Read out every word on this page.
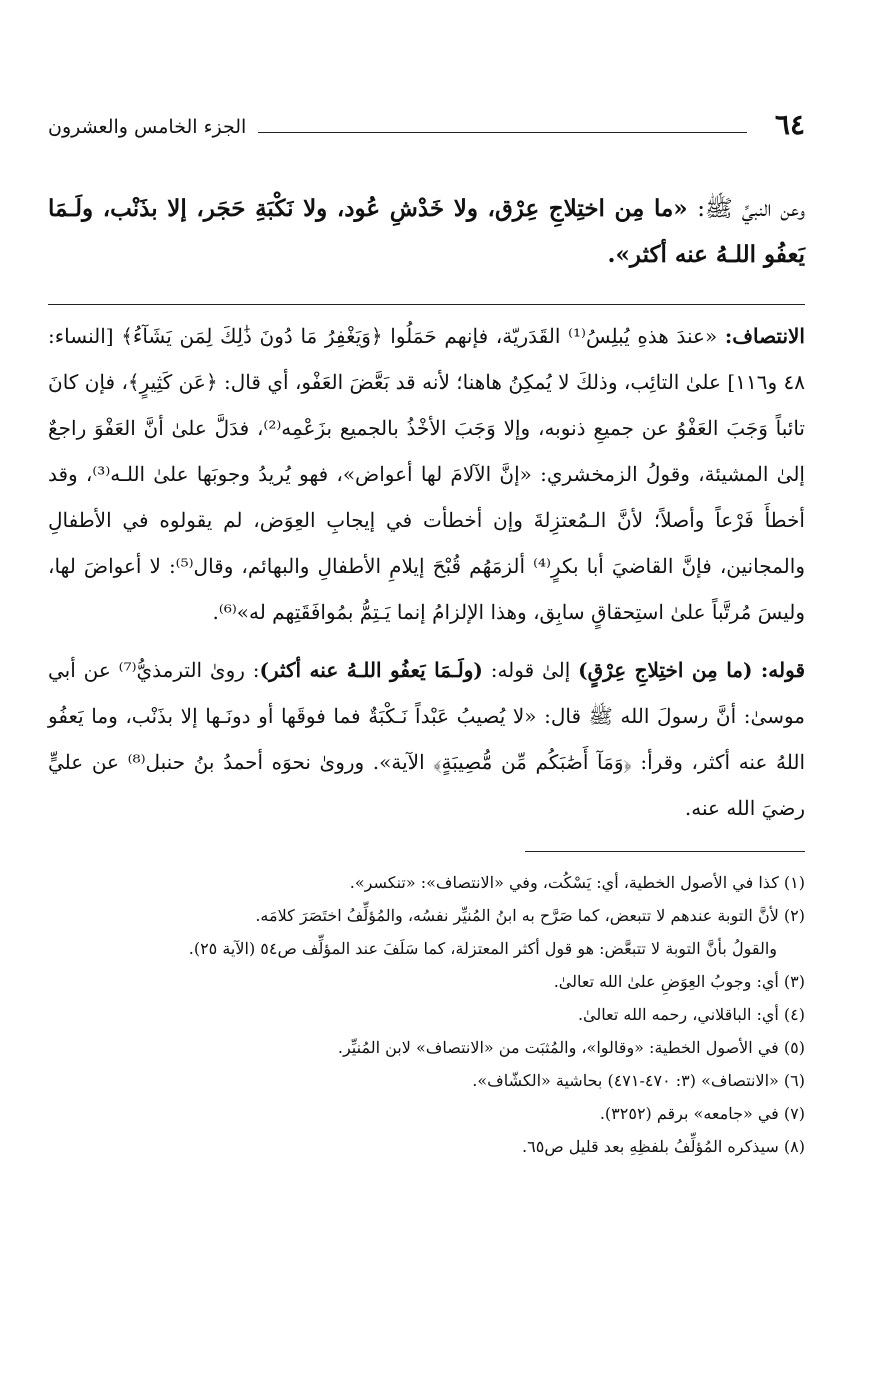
٦٤
الجزء الخامس والعشرون
وعن النبيِّ ﷺ: «ما مِن اختِلاجِ عِرْق، ولا خَدْشِ عُود، ولا نَكْبَةِ حَجَر، إلا بذَنْب، ولَـمَا يَعفُو اللـهُ عنه أكثر».

الانتصاف: «عندَ هذهِ يُبلِسُ⁽¹⁾ القَدَريّة، فإنهم حَمَلُوا ﴿وَيَغْفِرُ مَا دُونَ ذَٰلِكَ لِمَن يَشَآءُ﴾ [النساء: ٤٨ و١١٦] علىٰ التائِب، وذلكَ لا يُمكِنُ هاهنا؛ لأنه قد بَعَّضَ العَفْو، أي قال: ﴿عَن كَثِيرٍ﴾، فإن كانَ تائباً وَجَبَ العَفْوُ عن جميعِ ذنوبه، وإلا وَجَبَ الأخْذُ بالجميع بزَعْمِه⁽²⁾، فدَلَّ علىٰ أنَّ العَفْوَ راجعٌ إلىٰ المشيئة، وقولُ الزمخشري: «إنَّ الآلامَ لها أعواض»، فهو يُريدُ وجوبَها علىٰ اللـه⁽³⁾، وقد أخطأَ فَرْعاً وأصلاً؛ لأنَّ الـمُعتزِلةَ وإن أخطأت في إيجابِ العِوَض، لم يقولوه في الأطفالِ والمجانين، فإنَّ القاضيَ أبا بكرٍ⁽⁴⁾ ألزمَهُم قُبْحَ إيلامِ الأطفالِ والبهائم، وقال⁽⁵⁾: لا أعواضَ لها، وليسَ مُرتَّباً علىٰ استِحقاقٍ سابِق، وهذا الإلزامُ إنما يَـتِمُّ بمُوافَقَتِهم له»⁽⁶⁾.

قوله: (ما مِن اختِلاجِ عِرْقٍ) إلىٰ قوله: (ولَـمَا يَعفُو اللـهُ عنه أكثر): روىٰ الترمذيُّ⁽⁷⁾ عن أبي موسىٰ: أنَّ رسولَ الله ﷺ قال: «لا يُصيبُ عَبْداً نَـكْبَةٌ فما فوقَها أو دونَـها إلا بذَنْب، وما يَعفُو اللهُ عنه أكثر، وقرأ: ﴿وَمَآ أَصَٰبَكُم مِّن مُّصِيبَةٍ﴾ الآية». وروىٰ نحوَه أحمدُ بنُ حنبل⁽⁸⁾ عن عليٍّ رضيَ الله عنه.

(١) كذا في الأصول الخطية، أي: يَسْكُت، وفي «الانتصاف»: «تنكسر».
(٢) لأنَّ التوبة عندهم لا تتبعض، كما صَرَّح به ابنُ المُنيِّر نفسُه، والمُؤلِّفُ اختَصَرَ كلامَه.
والقولُ بأنَّ التوبة لا تتبعَّض: هو قول أكثر المعتزلة، كما سَلَفَ عند المؤلِّف ص٥٤ (الآية ٢٥).
(٣) أي: وجوبُ العِوَضِ علىٰ الله تعالىٰ.
(٤) أي: الباقلاني، رحمه الله تعالىٰ.
(٥) في الأصول الخطية: «وقالوا»، والمُثبَت من «الانتصاف» لابن المُنيِّر.
(٦) «الانتصاف» (٣: ٤٧٠-٤٧١) بحاشية «الكشّاف».
(٧) في «جامعه» برقم (٣٢٥٢).
(٨) سيذكره المُؤلِّفُ بلفظِهِ بعد قليل ص٦٥.
